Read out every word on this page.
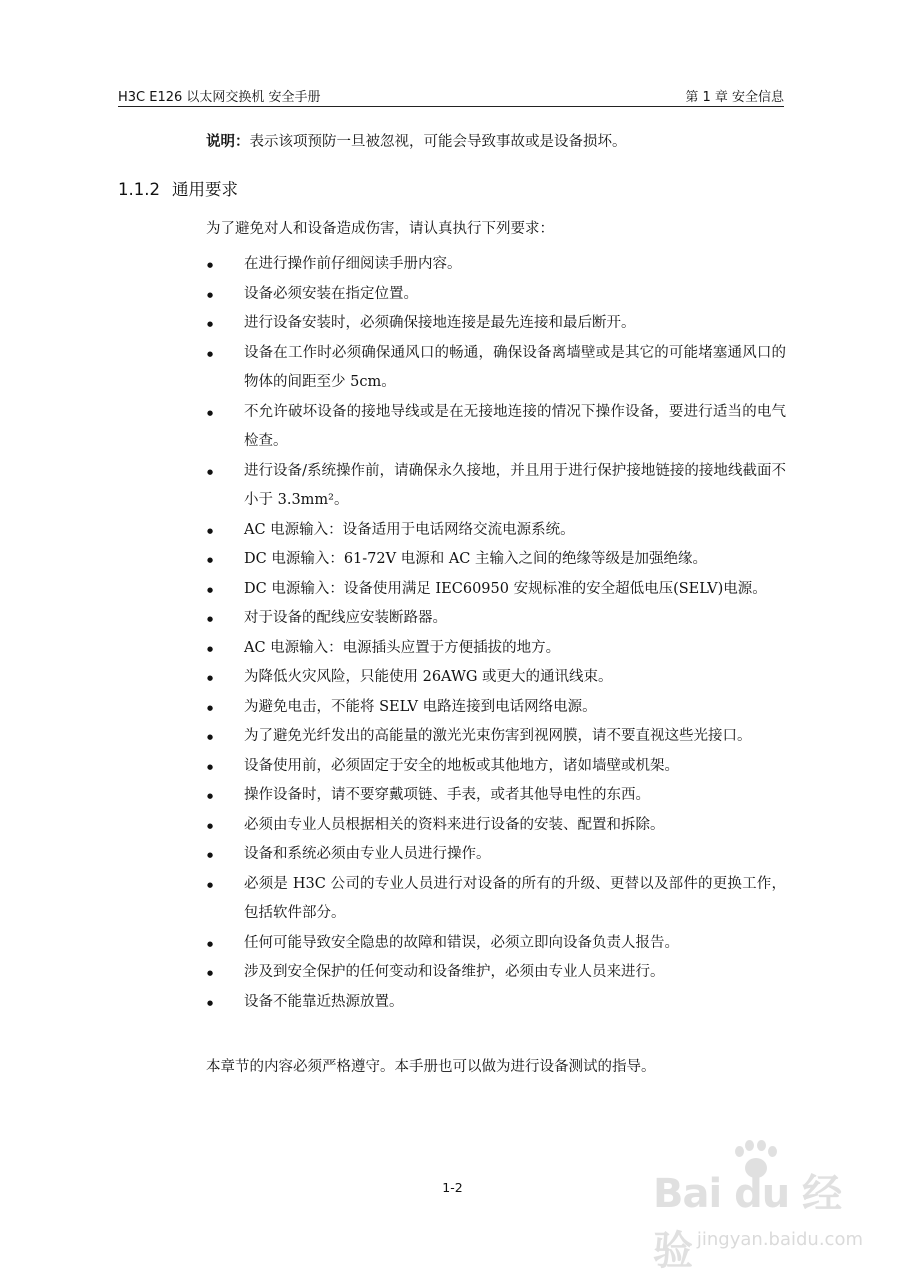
H3C E126 以太网交换机 安全手册	第 1 章 安全信息
说明：表示该项预防一旦被忽视，可能会导致事故或是设备损坏。
1.1.2 通用要求
为了避免对人和设备造成伤害，请认真执行下列要求：
在进行操作前仔细阅读手册内容。
设备必须安装在指定位置。
进行设备安装时，必须确保接地连接是最先连接和最后断开。
设备在工作时必须确保通风口的畅通，确保设备离墙壁或是其它的可能堵塞通风口的物体的间距至少 5cm。
不允许破坏设备的接地导线或是在无接地连接的情况下操作设备，要进行适当的电气检查。
进行设备/系统操作前，请确保永久接地，并且用于进行保护接地链接的接地线截面不小于 3.3mm²。
AC 电源输入：设备适用于电话网络交流电源系统。
DC 电源输入：61-72V 电源和 AC 主输入之间的绝缘等级是加强绝缘。
DC 电源输入：设备使用满足 IEC60950 安规标准的安全超低电压(SELV)电源。
对于设备的配线应安装断路器。
AC 电源输入：电源插头应置于方便插拔的地方。
为降低火灾风险，只能使用 26AWG 或更大的通讯线束。
为避免电击，不能将 SELV 电路连接到电话网络电源。
为了避免光纤发出的高能量的激光光束伤害到视网膜，请不要直视这些光接口。
设备使用前，必须固定于安全的地板或其他地方，诸如墙壁或机架。
操作设备时，请不要穿戴项链、手表，或者其他导电性的东西。
必须由专业人员根据相关的资料来进行设备的安装、配置和拆除。
设备和系统必须由专业人员进行操作。
必须是 H3C 公司的专业人员进行对设备的所有的升级、更替以及部件的更换工作，包括软件部分。
任何可能导致安全隐患的故障和错误，必须立即向设备负责人报告。
涉及到安全保护的任何变动和设备维护，必须由专业人员来进行。
设备不能靠近热源放置。
本章节的内容必须严格遵守。本手册也可以做为进行设备测试的指导。
1-2	Bai du 经验 jingyan.baidu.com
